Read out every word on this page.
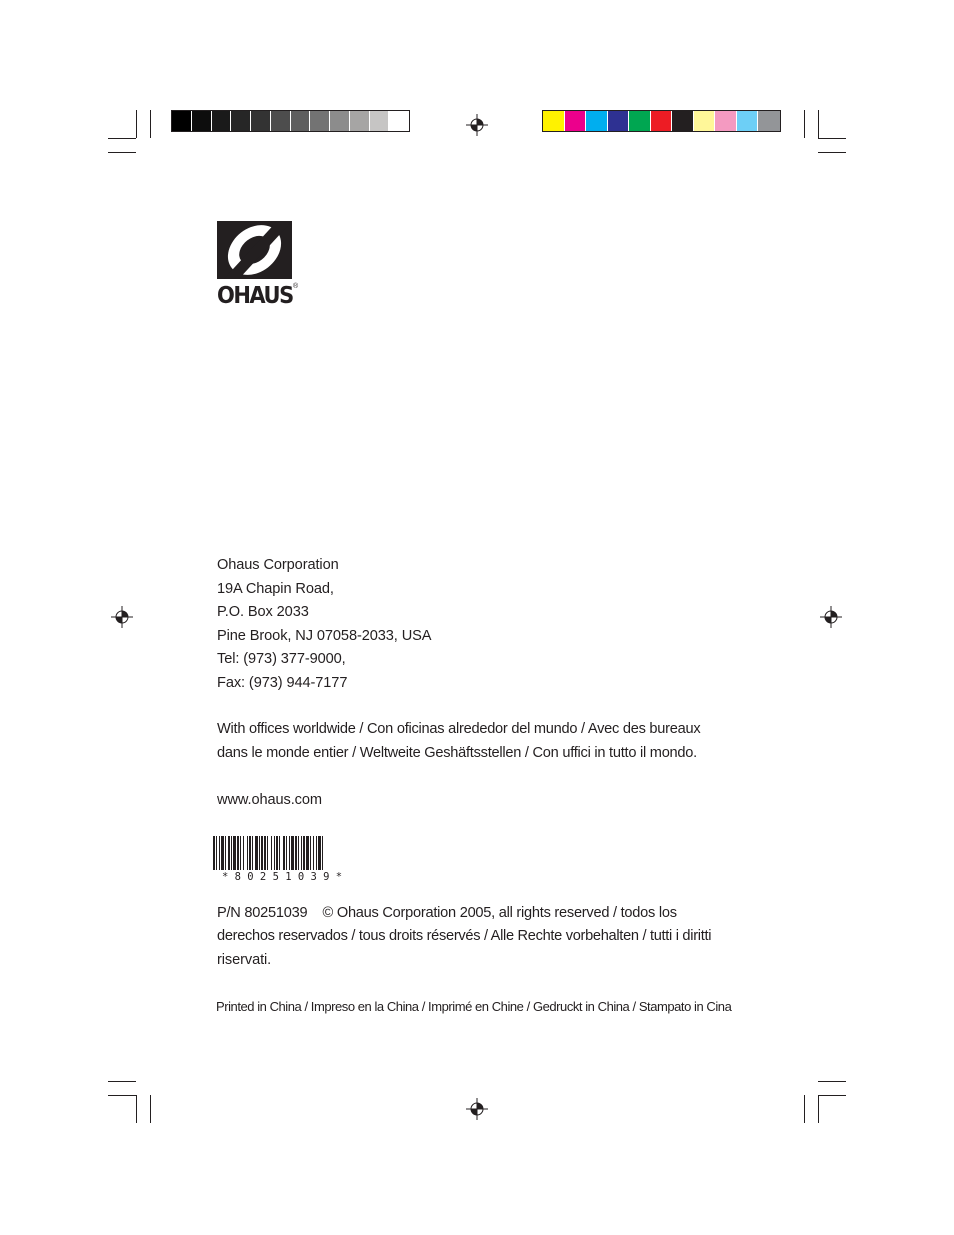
OHAUS ®
Ohaus Corporation
19A Chapin Road,
P.O. Box 2033
Pine Brook, NJ 07058-2033, USA
Tel: (973) 377-9000,
Fax: (973) 944-7177
With offices worldwide / Con oficinas alrededor del mundo / Avec des bureaux
dans le monde entier / Weltweite Geshäftsstellen / Con uffici in tutto il mondo.
www.ohaus.com
* 8 0 2 5 1 0 3 9 *
P/N 80251039    © Ohaus Corporation 2005, all rights reserved / todos los
derechos reservados / tous droits réservés / Alle Rechte vorbehalten / tutti i diritti
riservati.
Printed in China / Impreso en la China / Imprimé en Chine / Gedruckt in China / Stampato in Cina
